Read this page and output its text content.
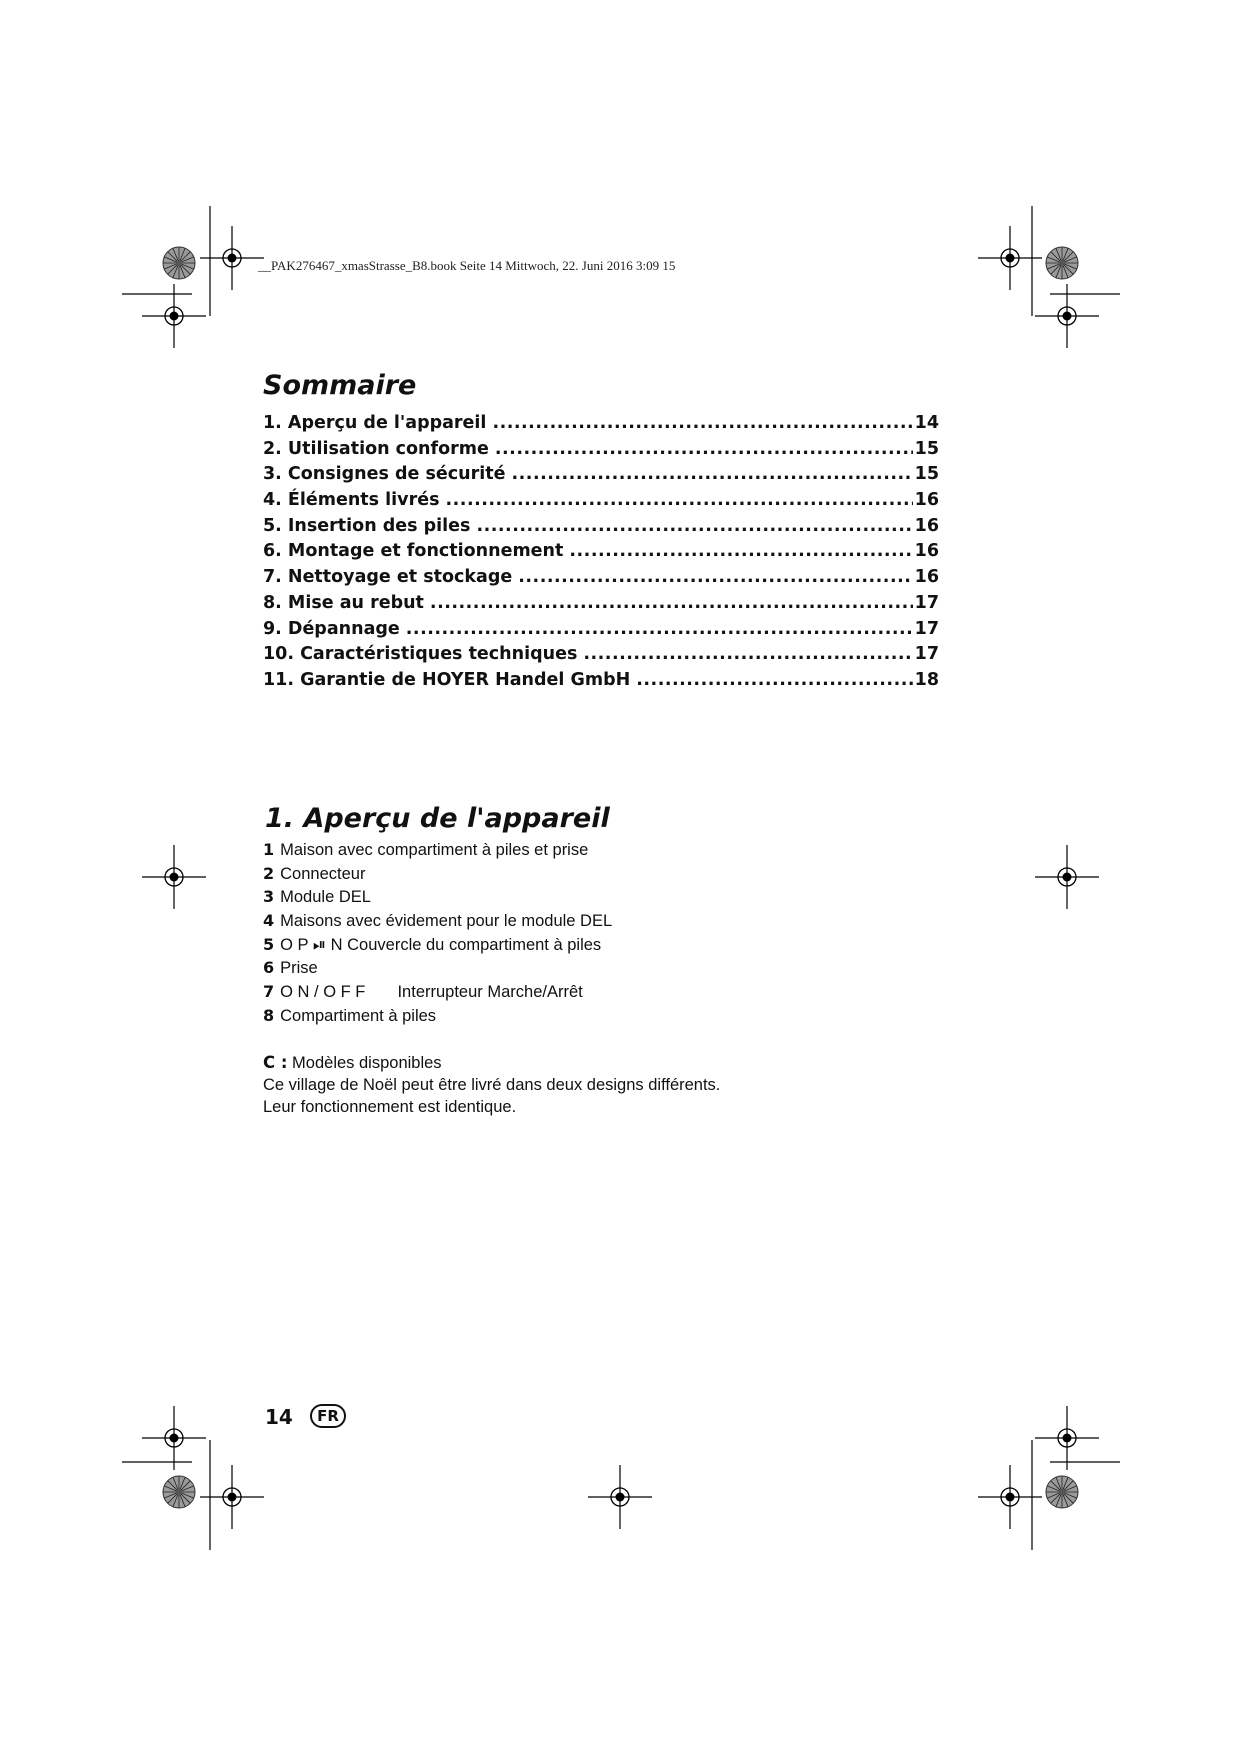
__PAK276467_xmasStrasse_B8.book Seite 14 Mittwoch, 22. Juni 2016 3:09 15
Sommaire
1. Aperçu de l'appareil .....	14
2. Utilisation conforme .....	15
3. Consignes de sécurité .....	15
4. Éléments livrés .....	16
5. Insertion des piles .....	16
6. Montage et fonctionnement .....	16
7. Nettoyage et stockage .....	16
8. Mise au rebut .....	17
9. Dépannage .....	17
10. Caractéristiques techniques .....	17
11. Garantie de HOYER Handel GmbH .....	18
1. Aperçu de l'appareil
1 Maison avec compartiment à piles et prise
2 Connecteur
3 Module DEL
4 Maisons avec évidement pour le module DEL
5 O P ⏯ N Couvercle du compartiment à piles
6 Prise
7 O N / O F F       Interrupteur Marche/Arrêt
8 Compartiment à piles
C : Modèles disponibles
Ce village de Noël peut être livré dans deux designs différents.
Leur fonctionnement est identique.
14	FR
